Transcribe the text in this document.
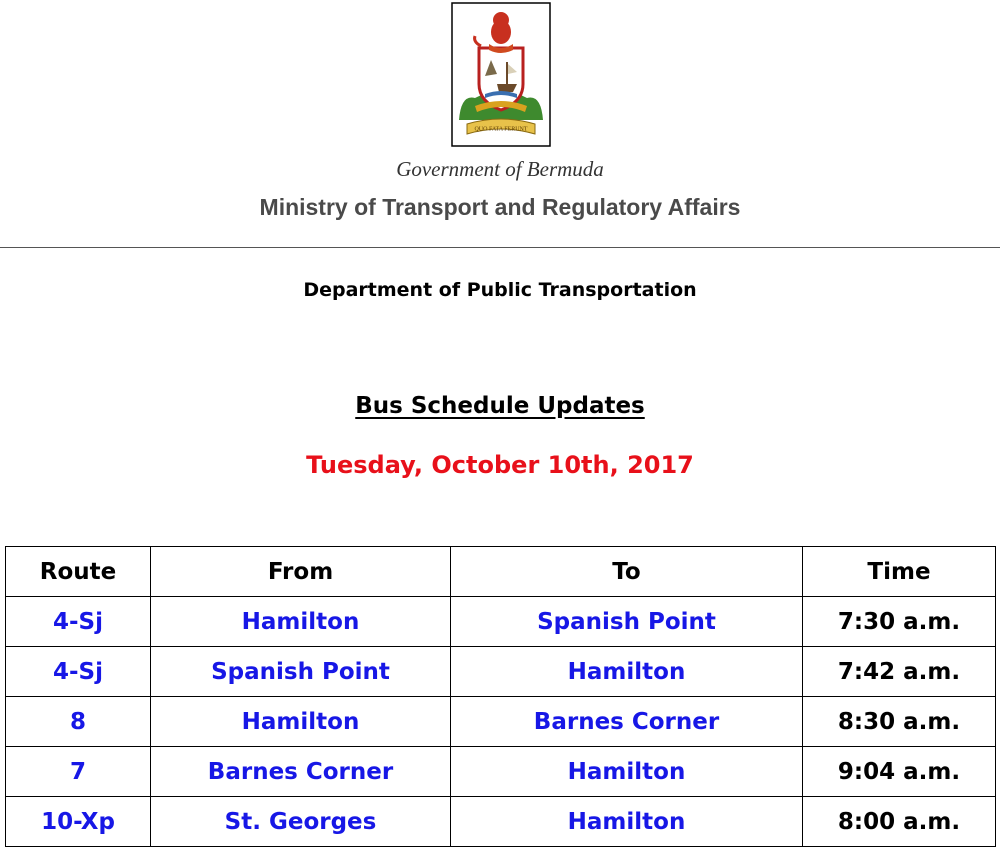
QUO FATA FERUNT
Government of Bermuda
Ministry of Transport and Regulatory Affairs
Department of Public Transportation
Bus Schedule Updates
Tuesday, October 10th, 2017
Route	From	To	Time
4-Sj	Hamilton	Spanish Point	7:30 a.m.
4-Sj	Spanish Point	Hamilton	7:42 a.m.
8	Hamilton	Barnes Corner	8:30 a.m.
7	Barnes Corner	Hamilton	9:04 a.m.
10-Xp	St. Georges	Hamilton	8:00 a.m.
